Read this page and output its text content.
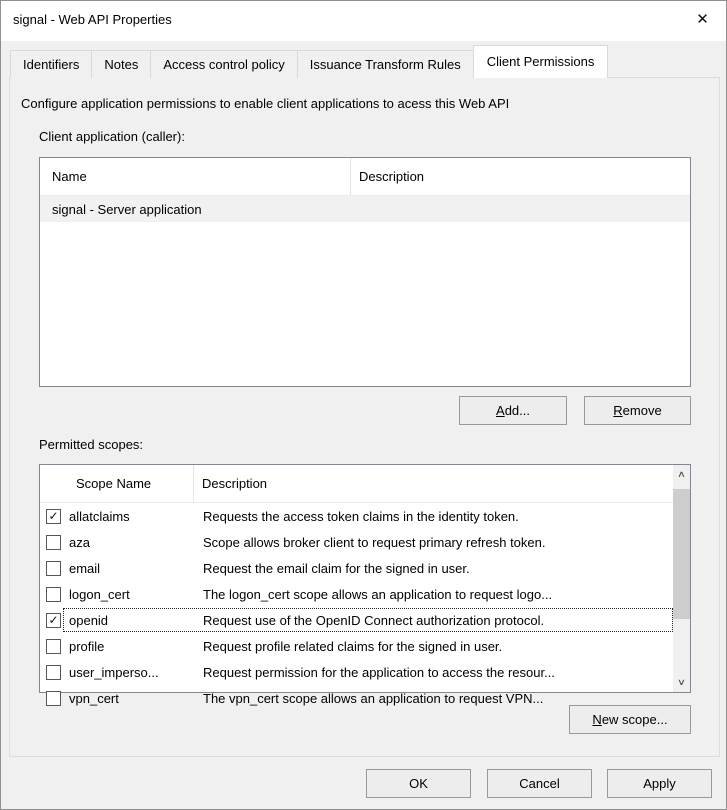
signal - Web API Properties	✕
Identifiers	Notes	Access control policy	Issuance Transform Rules	Client Permissions
Configure application permissions to enable client applications to acess this Web API
Client application (caller):
Name	Description
signal - Server application
A dd...	R emove
Permitted scopes:
Scope Name	Description
✓ allatclaims	Requests the access token claims in the identity token.
aza	Scope allows broker client to request primary refresh token.
email	Request the email claim for the signed in user.
logon_cert	The logon_cert scope allows an application to request logo...
✓ openid	Request use of the OpenID Connect authorization protocol.
profile	Request profile related claims for the signed in user.
user_imperso...	Request permission for the application to access the resour...
vpn_cert	The vpn_cert scope allows an application to request VPN...
∧
∨
N ew scope...
OK	Cancel	Apply
